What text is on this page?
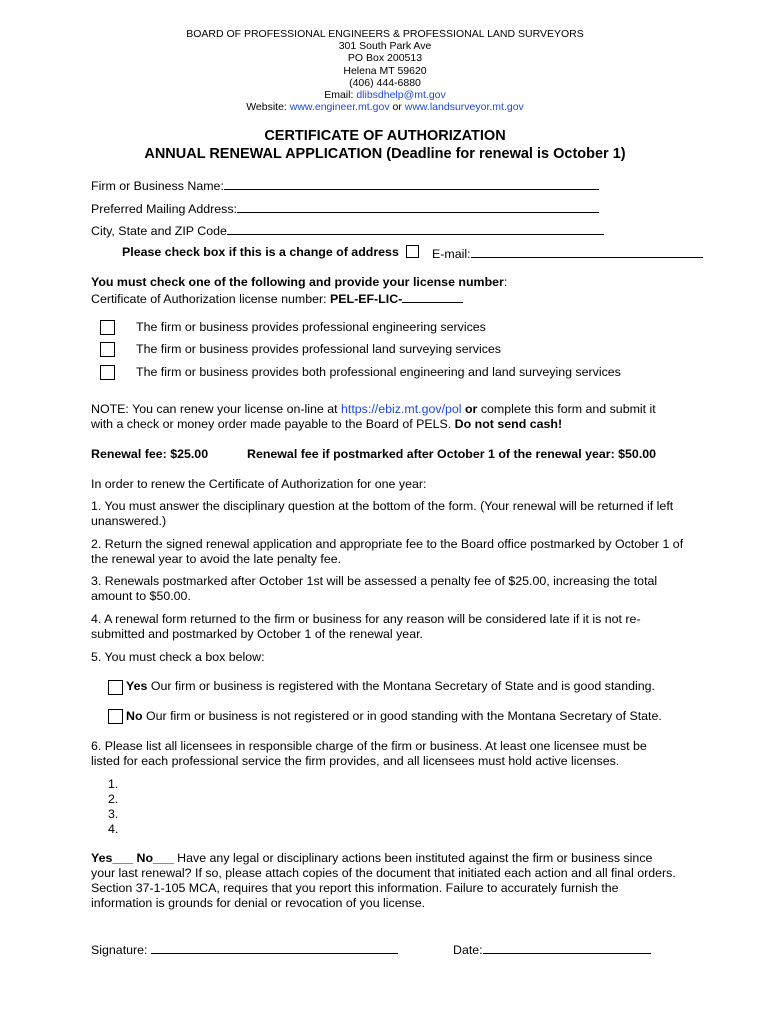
BOARD OF PROFESSIONAL ENGINEERS & PROFESSIONAL LAND SURVEYORS
301 South Park Ave
PO Box 200513
Helena MT 59620
(406) 444-6880
Email: dlibsdhelp@mt.gov
Website: www.engineer.mt.gov or www.landsurveyor.mt.gov
CERTIFICATE OF AUTHORIZATION
ANNUAL RENEWAL APPLICATION (Deadline for renewal is October 1)
Firm or Business Name:
Preferred Mailing Address:
City, State and ZIP Code
Please check box if this is a change of address	E-mail:
You must check one of the following and provide your license number:
Certificate of Authorization license number: PEL-EF-LIC-
The firm or business provides professional engineering services
The firm or business provides professional land surveying services
The firm or business provides both professional engineering and land surveying services
NOTE: You can renew your license on-line at https://ebiz.mt.gov/pol or complete this form and submit it with a check or money order made payable to the Board of PELS. Do not send cash!
Renewal fee: $25.00	Renewal fee if postmarked after October 1 of the renewal year: $50.00
In order to renew the Certificate of Authorization for one year:
1. You must answer the disciplinary question at the bottom of the form. (Your renewal will be returned if left unanswered.)
2. Return the signed renewal application and appropriate fee to the Board office postmarked by October 1 of the renewal year to avoid the late penalty fee.
3. Renewals postmarked after October 1st will be assessed a penalty fee of $25.00, increasing the total amount to $50.00.
4. A renewal form returned to the firm or business for any reason will be considered late if it is not re-submitted and postmarked by October 1 of the renewal year.
5. You must check a box below:
Yes Our firm or business is registered with the Montana Secretary of State and is good standing.
No Our firm or business is not registered or in good standing with the Montana Secretary of State.
6. Please list all licensees in responsible charge of the firm or business. At least one licensee must be listed for each professional service the firm provides, and all licensees must hold active licenses.
1.
2.
3.
4.
Yes___ No___ Have any legal or disciplinary actions been instituted against the firm or business since your last renewal? If so, please attach copies of the document that initiated each action and all final orders. Section 37-1-105 MCA, requires that you report this information. Failure to accurately furnish the information is grounds for denial or revocation of you license.
Signature:	Date:
